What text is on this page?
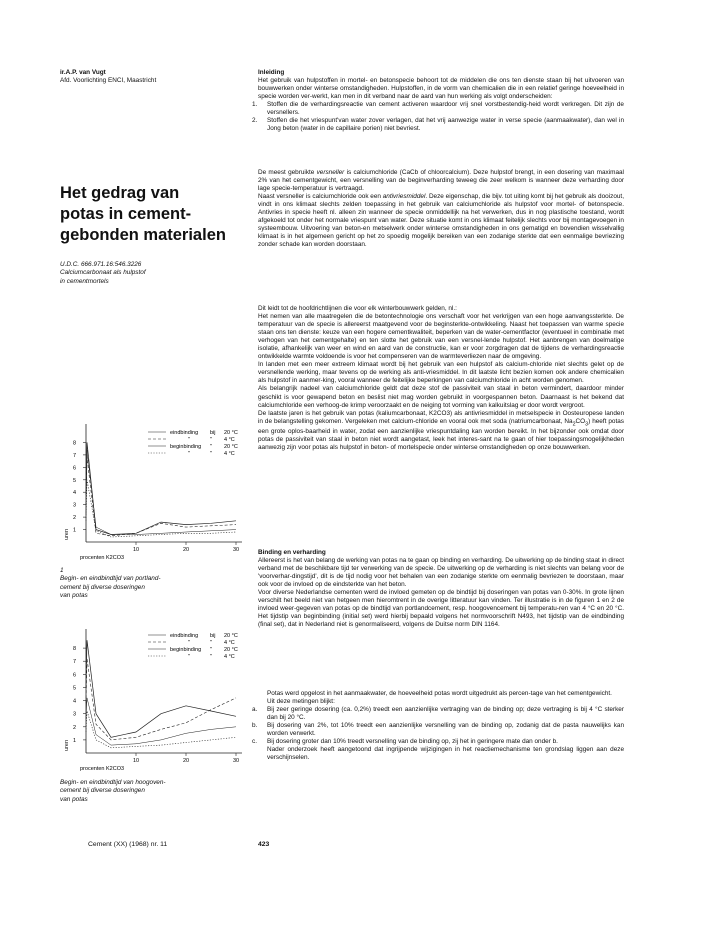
ir.A.P. van Vugt
Afd. Voorlichting ENCI, Maastricht
Het gedrag van
potas in cement-
gebonden materialen
U.D.C. 666.971.16:546.3226
Calciumcarbonaat als hulpstof
in cementmortels
1
2
3
4
5
6
7
8
10	20	30
uren
procenten K2CO3
eindbinding bij 20 °C
"	" 4 °C
beginbinding " 20 °C
"	" 4 °C
1
Begin- en eindbindtijd van portland-
cement bij diverse doseringen
van potas
1
2
3
4
5
6
7
8
10	20	30
uren
procenten K2CO3
eindbinding bij 20 °C
"	" 4 °C
beginbinding " 20 °C
"	" 4 °C
Begin- en eindbindtijd van hoogoven-
cement bij diverse doseringen
van potas

Inleiding

Het gebruik van hulpstoffen in mortel- en betonspecie behoort tot de middelen die ons ten dienste staan bij het uitvoeren van bouwwerken onder winterse omstandigheden. Hulpstoffen, in de vorm van chemicalien die in een relatief geringe hoeveelheid in specie worden ver-werkt, kan men in dit verband naar de aard van hun werking als volgt onderscheiden:

1. Stoffen die de verhardingsreactie van cement activeren waardoor vrij snel vorstbestendig-heid wordt verkregen. Dit zijn de versnellers.

2. Stoffen die het vriespunt'van water zover verlagen, dat het vrij aanwezige water in verse specie (aanmaakwater), dan wel in Jong beton (water in de capillaire porien) niet bevriest.

De meest gebruikte versneller is calciumchloride (CaCb of chloorcalcium). Deze hulpstof brengt, in een dosering van maximaal 2% van het cementgewicht, een versnelling van de beginverharding teweeg die zeer welkom is wanneer deze verharding door lage specie-temperatuur is vertraagd.

Naast versneller is calciumchloride ook een antivriesmiddel. Deze eigenschap, die bijv. tot uiting komt bij het gebruik als dooizout, vindt in ons klimaat slechts zelden toepassing in het gebruik van calciumchloride als hulpstof voor mortel- of betonspecie. Antivries in specie heeft nl. alleen zin wanneer de specie onmiddellijk na het verwerken, dus in nog plastische toestand, wordt afgekoeld tot onder het normale vriespunt van water. Deze situatie komt in ons klimaat feitelijk slechts voor bij montagevoegen in systeembouw. Uitvoering van beton-en metselwerk onder winterse omstandigheden in ons gematigd en bovendien wisselvallig klimaat is in het algemeen gericht op het zo spoedig mogelijk bereiken van een zodanige sterkte dat een eenmalige bevriezing zonder schade kan worden doorstaan.

Dit leidt tot de hoofdrichtlijnen die voor elk winterbouwwerk gelden, nl.:

Het nemen van alle maatregelen die de betontechnologie ons verschaft voor het verkrijgen van een hoge aanvangssterkte. De temperatuur van de specie is allereerst maatgevend voor de beginsterkte-ontwikkeling. Naast het toepassen van warme specie staan ons ten dienste: keuze van een hogere cementkwaliteit, beperken van de water-cementfactor (eventueel in combinatie met verhogen van het cementgehalte) en ten slotte het gebruik van een versnel-lende hulpstof. Het aanbrengen van doelmatige isolatie, afhankelijk van weer en wind en aard van de constructie, kan er voor zorgdragen dat de tijdens de verhardingsreactie ontwikkelde warmte voldoende is voor het compenseren van de warmteverliezen naar de omgeving.

In landen met een meer extreem klimaat wordt bij het gebruik van een hulpstof als calcium-chloride niet slechts gelet op de versnellende werking, maar tevens op de werking als anti-vriesmiddel. In dit laatste licht bezien komen ook andere chemicalien als hulpstof in aanmer-king, vooral wanneer de feitelijke beperkingen van calciumchloride in acht worden genomen.

Als belangrijk nadeel van calciumchloride geldt dat deze stof de passiviteit van staal in beton vermindert, daardoor minder geschikt is voor gewapend beton en beslist niet mag worden gebruikt in voorgespannen beton. Daarnaast is het bekend dat calciumchloride een verhoog-de krimp veroorzaakt en de neiging tot vorming van kalkuitslag er door wordt vergroot.

De laatste jaren is het gebruik van potas (kaliumcarbonaat, K2CO3) als antivriesmiddel in metselspecie in Oosteuropese landen in de belangstelling gekomen. Vergeleken met calcium-chloride en vooral ook met soda (natriumcarbonaat, $Na_2CO_3$) heeft potas een grote oplos-baarheid in water, zodat een aanzienlijke vriespuntdaling kan worden bereikt. In het bijzonder ook omdat door potas de passiviteit van staal in beton niet wordt aangetast, leek het interes-sant na te gaan of hier toepassingsmogelijkheden aanwezig zijn voor potas als hulpstof in beton- of mortelspecie onder winterse omstandigheden op onze bouwwerken.

Binding en verharding

Allereerst is het van belang de werking van potas na te gaan op binding en verharding. De uitwerking op de binding staat in direct verband met de beschikbare tijd ter verwerking van de specie. De uitwerking op de verharding is niet slechts van belang voor de 'voorverhar-dingstijd', dit is de tijd nodig voor het behalen van een zodanige sterkte om eenmalig bevriezen te doorstaan, maar ook voor de invloed op de eindsterkte van het beton.

Voor diverse Nederlandse cementen werd de invloed gemeten op de bindtijd bij doseringen van potas van 0-30%. In grote lijnen verschilt het beeld niet van hetgeen men hieromtrent in de overige litteratuur kan vinden. Ter illustratie is in de figuren 1 en 2 de invloed weer-gegeven van potas op de bindtijd van portlandcement, resp. hoogovencement bij temperatu-ren van 4 °C en 20 °C. Het tijdstip van beginbinding (initial set) werd hierbij bepaald volgens het normvoorschrift N493, het tijdstip van de eindbinding (final set), dat in Nederland niet is genormaliseerd, volgens de Duitse norm DIN 1164.

Potas werd opgelost in het aanmaakwater, de hoeveelheid potas wordt uitgedrukt als percen-tage van het cementgewicht.

Uit deze metingen blijkt:

a. Bij zeer geringe dosering (ca. 0,2%) treedt een aanzienlijke vertraging van de binding op; deze vertraging is bij 4 °C sterker dan bij 20 °C.

b. Bij dosering van 2%, tot 10% treedt een aanzienlijke versnelling van de binding op, zodanig dat de pasta nauwelijks kan worden verwerkt.

c. Bij dosering groter dan 10% treedt versnelling van de binding op, zij het in geringere mate dan onder b.

Nader onderzoek heeft aangetoond dat ingrijpende wijzigingen in het reactiemechanisme ten grondslag liggen aan deze verschijnselen.

Cement (XX) (1968) nr. 11	423
